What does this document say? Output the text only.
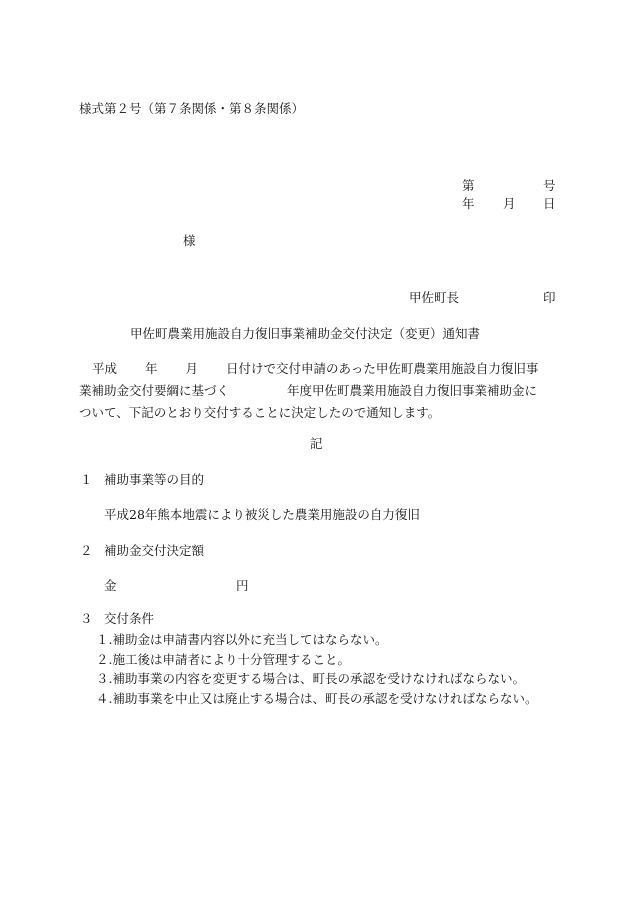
様式第２号（第７条関係・第８条関係）
第	号
年 月 日
様
甲佐町長	印
甲佐町農業用施設自力復旧事業補助金交付決定（変更）通知書
平成 年 月 日付けで交付申請のあった甲佐町農業用施設自力復旧事
業補助金交付要綱に基づく	年度甲佐町農業用施設自力復旧事業補助金に
ついて、下記のとおり交付することに決定したので通知します。
記
１ 補助事業等の目的
平成28年熊本地震により被災した農業用施設の自力復旧
２ 補助金交付決定額
金	円
３ 交付条件
１.補助金は申請書内容以外に充当してはならない。
２.施工後は申請者により十分管理すること。
３.補助事業の内容を変更する場合は、町長の承認を受けなければならない。
４.補助事業を中止又は廃止する場合は、町長の承認を受けなければならない。
